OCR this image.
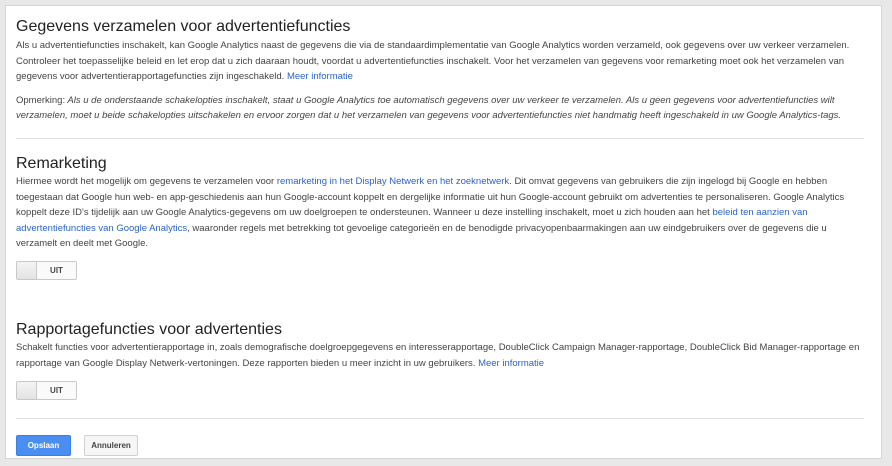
Gegevens verzamelen voor advertentiefuncties

Als u advertentiefuncties inschakelt, kan Google Analytics naast de gegevens die via de standaardimplementatie van Google Analytics worden verzameld, ook gegevens over uw verkeer verzamelen. Controleer het toepasselijke beleid en let erop dat u zich daaraan houdt, voordat u advertentiefuncties inschakelt. Voor het verzamelen van gegevens voor remarketing moet ook het verzamelen van gegevens voor advertentierapportagefuncties zijn ingeschakeld. Meer informatie

Opmerking: Als u de onderstaande schakelopties inschakelt, staat u Google Analytics toe automatisch gegevens over uw verkeer te verzamelen. Als u geen gegevens voor advertentiefuncties wilt verzamelen, moet u beide schakelopties uitschakelen en ervoor zorgen dat u het verzamelen van gegevens voor advertentiefuncties niet handmatig heeft ingeschakeld in uw Google Analytics-tags.

Remarketing

Hiermee wordt het mogelijk om gegevens te verzamelen voor remarketing in het Display Netwerk en het zoeknetwerk. Dit omvat gegevens van gebruikers die zijn ingelogd bij Google en hebben toegestaan dat Google hun web- en app-geschiedenis aan hun Google-account koppelt en dergelijke informatie uit hun Google-account gebruikt om advertenties te personaliseren. Google Analytics koppelt deze ID's tijdelijk aan uw Google Analytics-gegevens om uw doelgroepen te ondersteunen. Wanneer u deze instelling inschakelt, moet u zich houden aan het beleid ten aanzien van advertentiefuncties van Google Analytics, waaronder regels met betrekking tot gevoelige categorieën en de benodigde privacyopenbaarmakingen aan uw eindgebruikers over de gegevens die u verzamelt en deelt met Google.

UIT
Rapportagefuncties voor advertenties

Schakelt functies voor advertentierapportage in, zoals demografische doelgroepgegevens en interesserapportage, DoubleClick Campaign Manager-rapportage, DoubleClick Bid Manager-rapportage en rapportage van Google Display Netwerk-vertoningen. Deze rapporten bieden u meer inzicht in uw gebruikers. Meer informatie

UIT
Opslaan	Annuleren
